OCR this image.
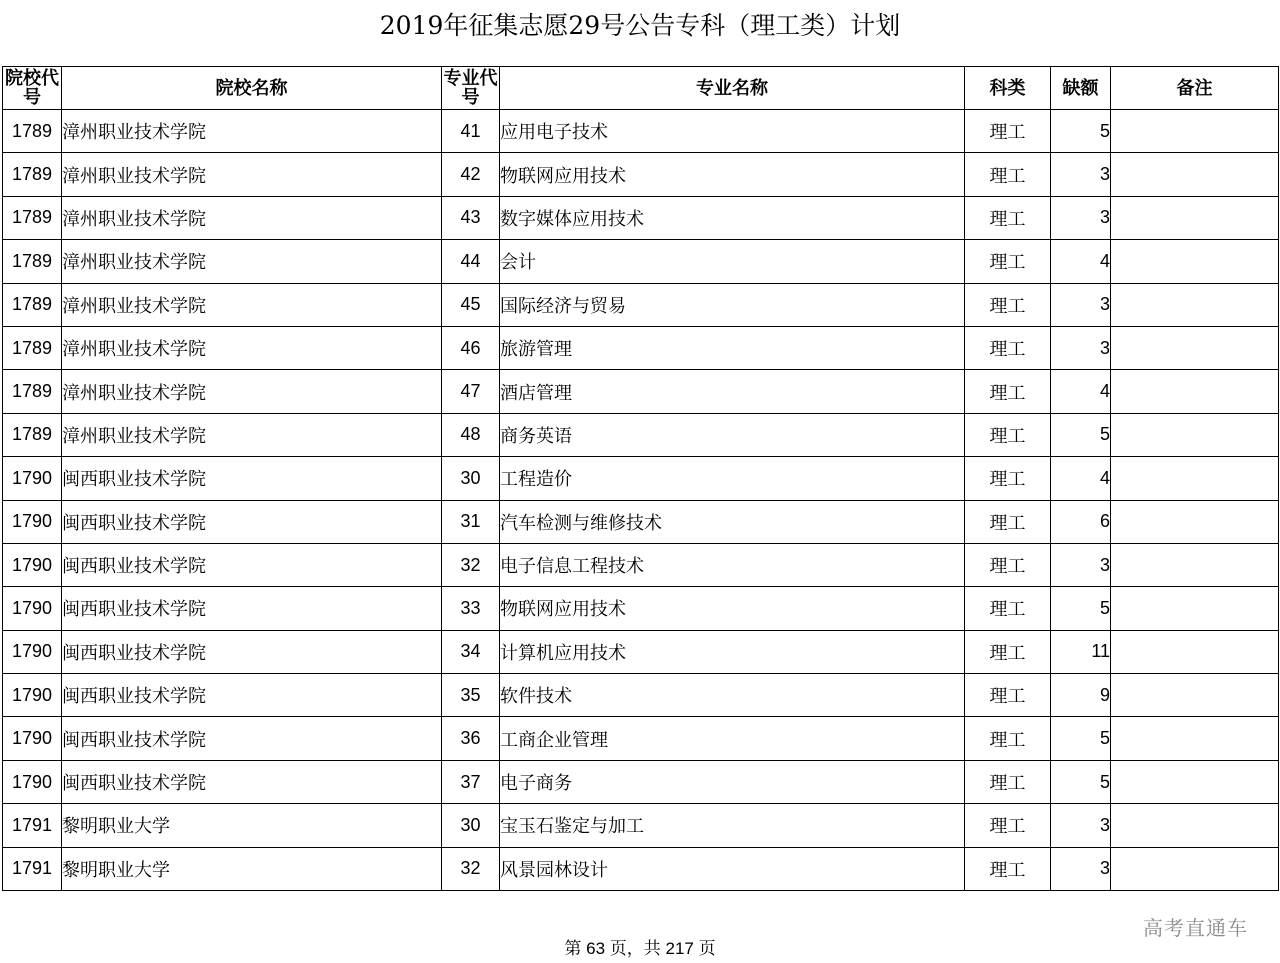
2019年征集志愿29号公告专科（理工类）计划
院校代号	院校名称	专业代号	专业名称	科类	缺额	备注
1789	漳州职业技术学院	41	应用电子技术	理工	5	
1789	漳州职业技术学院	42	物联网应用技术	理工	3	
1789	漳州职业技术学院	43	数字媒体应用技术	理工	3	
1789	漳州职业技术学院	44	会计	理工	4	
1789	漳州职业技术学院	45	国际经济与贸易	理工	3	
1789	漳州职业技术学院	46	旅游管理	理工	3	
1789	漳州职业技术学院	47	酒店管理	理工	4	
1789	漳州职业技术学院	48	商务英语	理工	5	
1790	闽西职业技术学院	30	工程造价	理工	4	
1790	闽西职业技术学院	31	汽车检测与维修技术	理工	6	
1790	闽西职业技术学院	32	电子信息工程技术	理工	3	
1790	闽西职业技术学院	33	物联网应用技术	理工	5	
1790	闽西职业技术学院	34	计算机应用技术	理工	11	
1790	闽西职业技术学院	35	软件技术	理工	9	
1790	闽西职业技术学院	36	工商企业管理	理工	5	
1790	闽西职业技术学院	37	电子商务	理工	5	
1791	黎明职业大学	30	宝玉石鉴定与加工	理工	3	
1791	黎明职业大学	32	风景园林设计	理工	3	
高考直通车
第 63 页，共 217 页
